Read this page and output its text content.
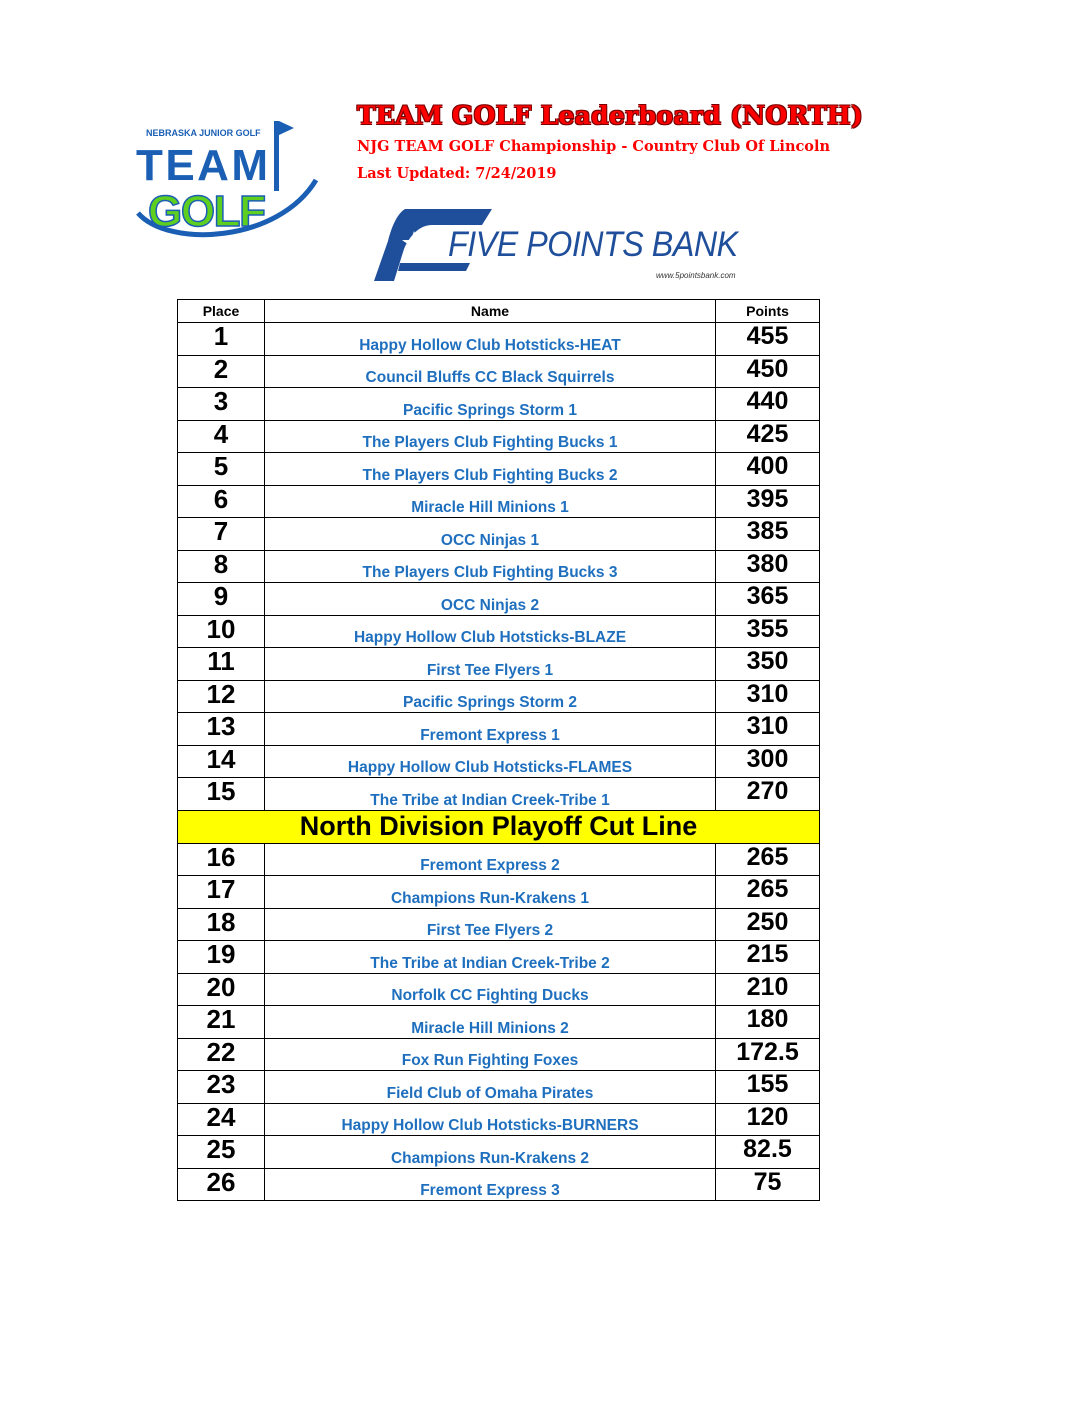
NEBRASKA JUNIOR GOLF
TEAM
GOLF
TEAM GOLF Leaderboard (NORTH)
NJG TEAM GOLF Championship - Country Club Of Lincoln
Last Updated: 7/24/2019
FIVE POINTS BANK
www.5pointsbank.com
Place	Name	Points
1	Happy Hollow Club Hotsticks-HEAT	455
2	Council Bluffs CC Black Squirrels	450
3	Pacific Springs Storm 1	440
4	The Players Club Fighting Bucks 1	425
5	The Players Club Fighting Bucks 2	400
6	Miracle Hill Minions 1	395
7	OCC Ninjas 1	385
8	The Players Club Fighting Bucks 3	380
9	OCC Ninjas 2	365
10	Happy Hollow Club Hotsticks-BLAZE	355
11	First Tee Flyers 1	350
12	Pacific Springs Storm 2	310
13	Fremont Express 1	310
14	Happy Hollow Club Hotsticks-FLAMES	300
15	The Tribe at Indian Creek-Tribe 1	270
North Division Playoff Cut Line		
16	Fremont Express 2	265
17	Champions Run-Krakens 1	265
18	First Tee Flyers 2	250
19	The Tribe at Indian Creek-Tribe 2	215
20	Norfolk CC Fighting Ducks	210
21	Miracle Hill Minions 2	180
22	Fox Run Fighting Foxes	172.5
23	Field Club of Omaha Pirates	155
24	Happy Hollow Club Hotsticks-BURNERS	120
25	Champions Run-Krakens 2	82.5
26	Fremont Express 3	75
